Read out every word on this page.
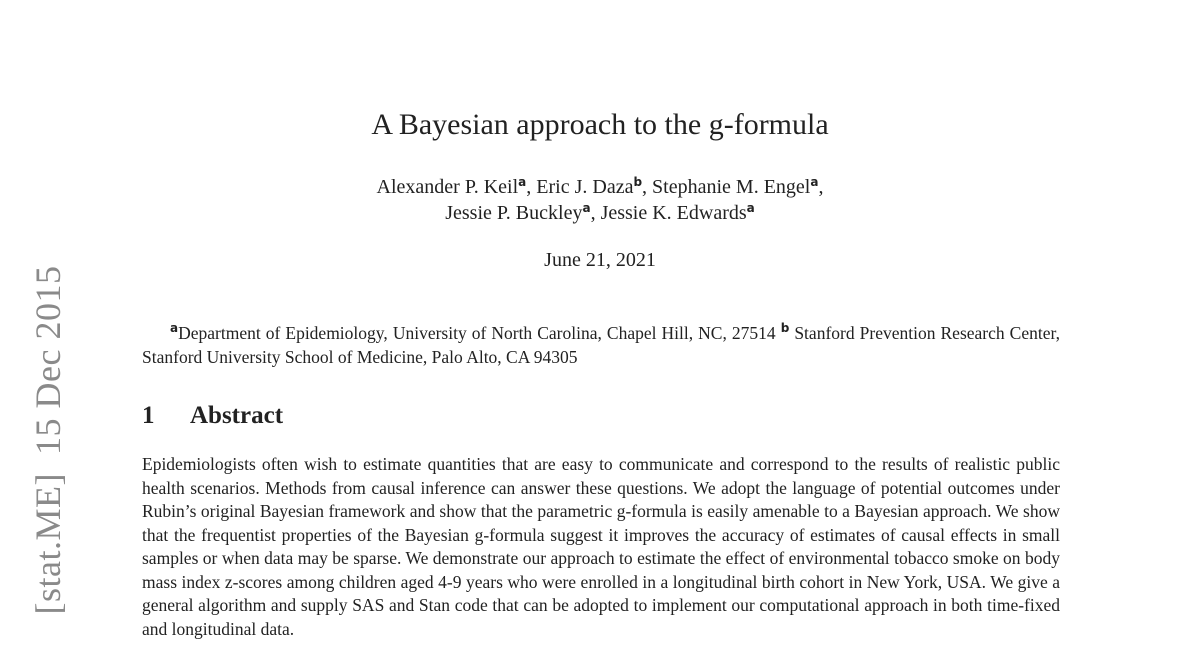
[stat.ME]15 Dec 2015
A Bayesian approach to the g-formula
Alexander P. Keil$^a$, Eric J. Daza$^b$, Stephanie M. Engel$^a$,
Jessie P. Buckley$^a$, Jessie K. Edwards$^a$
June 21, 2021
$^a$Department of Epidemiology, University of North Carolina, Chapel Hill, NC, 27514 $^b$ Stanford Prevention Research Center, Stanford University School of Medicine, Palo Alto, CA 94305
1 Abstract

Epidemiologists often wish to estimate quantities that are easy to communicate and correspond to the results of realistic public health scenarios. Methods from causal inference can answer these questions. We adopt the language of potential outcomes under Rubin’s original Bayesian framework and show that the parametric g-formula is easily amenable to a Bayesian approach. We show that the frequentist properties of the Bayesian g-formula suggest it improves the accuracy of estimates of causal effects in small samples or when data may be sparse. We demonstrate our approach to estimate the effect of environmental tobacco smoke on body mass index z-scores among children aged 4-9 years who were enrolled in a longitudinal birth cohort in New York, USA. We give a general algorithm and supply SAS and Stan code that can be adopted to implement our computational approach in both time-fixed and longitudinal data.
